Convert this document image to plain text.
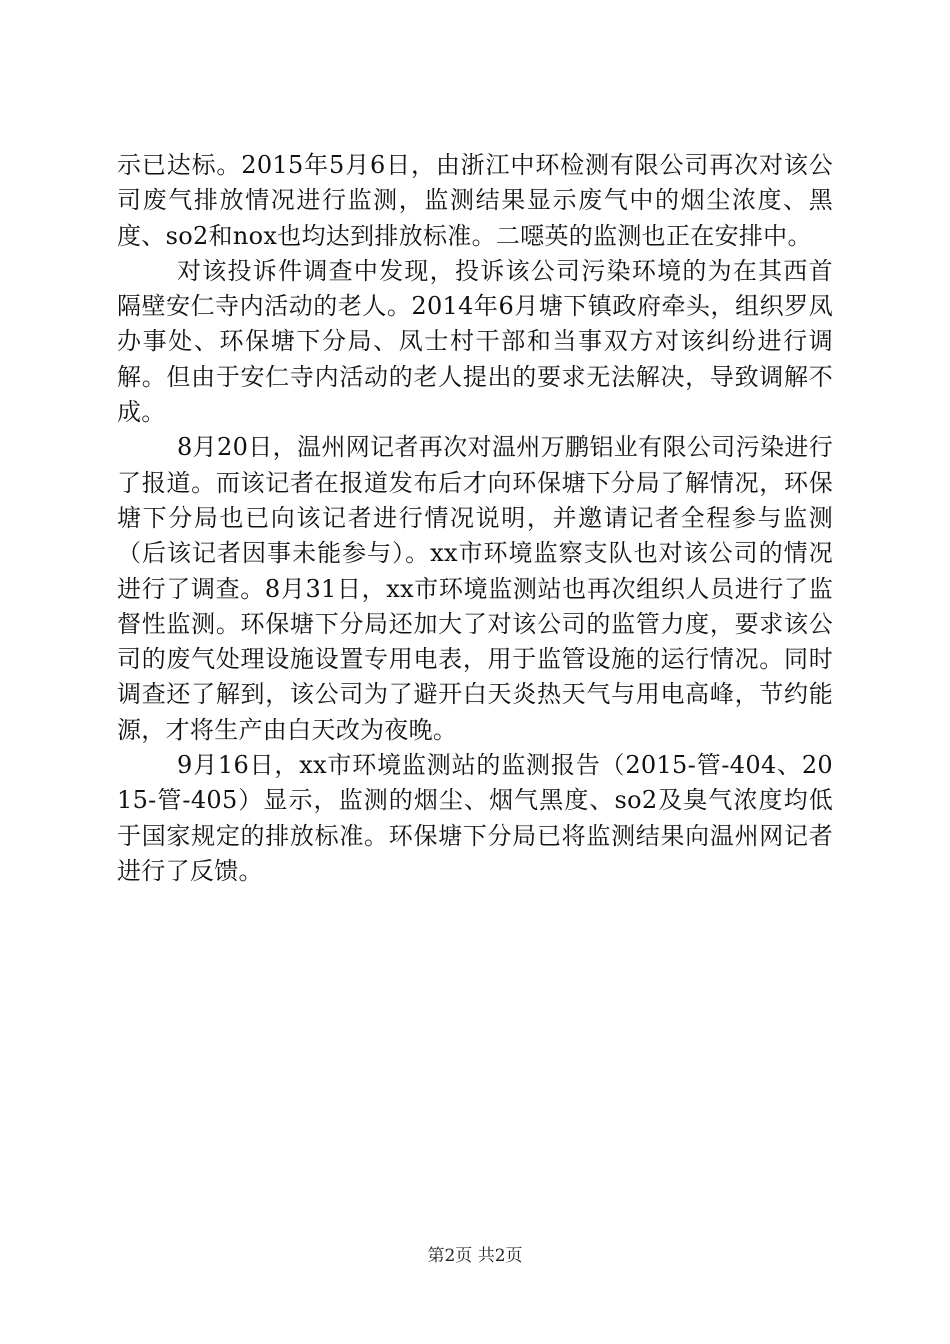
示已达标。2015年5月6日，由浙江中环检测有限公司再次对该公司废气排放情况进行监测，监测结果显示废气中的烟尘浓度、黑度、so2和nox也均达到排放标准。二噁英的监测也正在安排中。

对该投诉件调查中发现，投诉该公司污染环境的为在其西首隔壁安仁寺内活动的老人。2014年6月塘下镇政府牵头，组织罗凤办事处、环保塘下分局、凤士村干部和当事双方对该纠纷进行调解。但由于安仁寺内活动的老人提出的要求无法解决，导致调解不成。

8月20日，温州网记者再次对温州万鹏铝业有限公司污染进行了报道。而该记者在报道发布后才向环保塘下分局了解情况，环保塘下分局也已向该记者进行情况说明，并邀请记者全程参与监测（后该记者因事未能参与）。xx市环境监察支队也对该公司的情况进行了调查。8月31日，xx市环境监测站也再次组织人员进行了监督性监测。环保塘下分局还加大了对该公司的监管力度，要求该公司的废气处理设施设置专用电表，用于监管设施的运行情况。同时调查还了解到，该公司为了避开白天炎热天气与用电高峰，节约能源，才将生产由白天改为夜晚。

9月16日，xx市环境监测站的监测报告（2015-管-404、2015-管-405）显示，监测的烟尘、烟气黑度、so2及臭气浓度均低于国家规定的排放标准。环保塘下分局已将监测结果向温州网记者进行了反馈。

第2页 共2页
